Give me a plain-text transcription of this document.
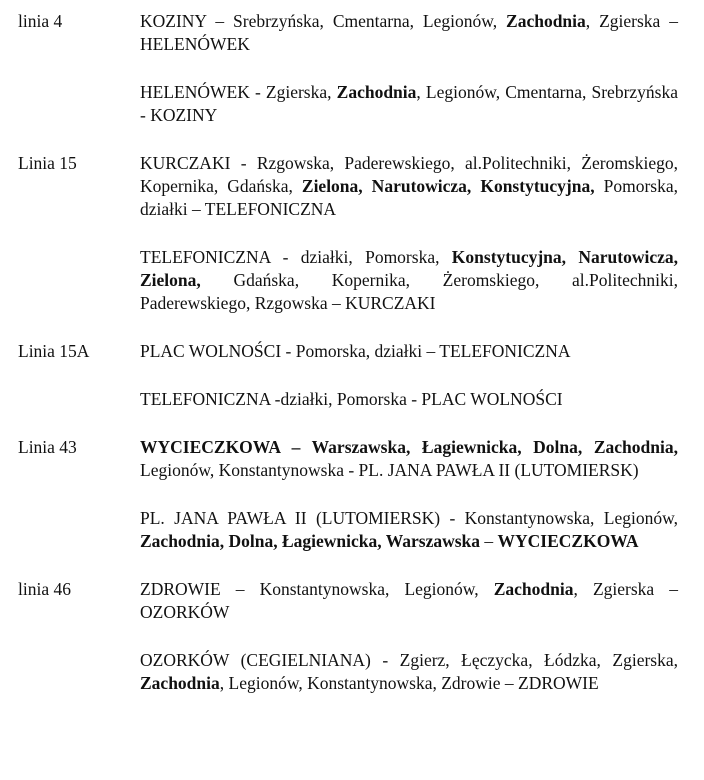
linia 4	KOZINY – Srebrzyńska, Cmentarna, Legionów, Zachodnia, Zgierska – HELENÓWEK
HELENÓWEK - Zgierska, Zachodnia, Legionów, Cmentarna, Srebrzyńska - KOZINY
Linia 15	KURCZAKI - Rzgowska, Paderewskiego, al.Politechniki, Żeromskiego, Kopernika, Gdańska, Zielona, Narutowicza, Konstytucyjna, Pomorska, działki – TELEFONICZNA
TELEFONICZNA - działki, Pomorska, Konstytucyjna, Narutowicza, Zielona, Gdańska, Kopernika, Żeromskiego, al.Politechniki, Paderewskiego, Rzgowska – KURCZAKI
Linia 15A	PLAC WOLNOŚCI - Pomorska, działki – TELEFONICZNA
TELEFONICZNA -działki, Pomorska - PLAC WOLNOŚCI
Linia 43	WYCIECZKOWA – Warszawska, Łagiewnicka, Dolna, Zachodnia, Legionów, Konstantynowska - PL. JANA PAWŁA II (LUTOMIERSK)
PL. JANA PAWŁA II (LUTOMIERSK) - Konstantynowska, Legionów, Zachodnia, Dolna, Łagiewnicka, Warszawska – WYCIECZKOWA
linia 46	ZDROWIE – Konstantynowska, Legionów, Zachodnia, Zgierska – OZORKÓW
OZORKÓW (CEGIELNIANA) - Zgierz, Łęczycka, Łódzka, Zgierska, Zachodnia, Legionów, Konstantynowska, Zdrowie – ZDROWIE
